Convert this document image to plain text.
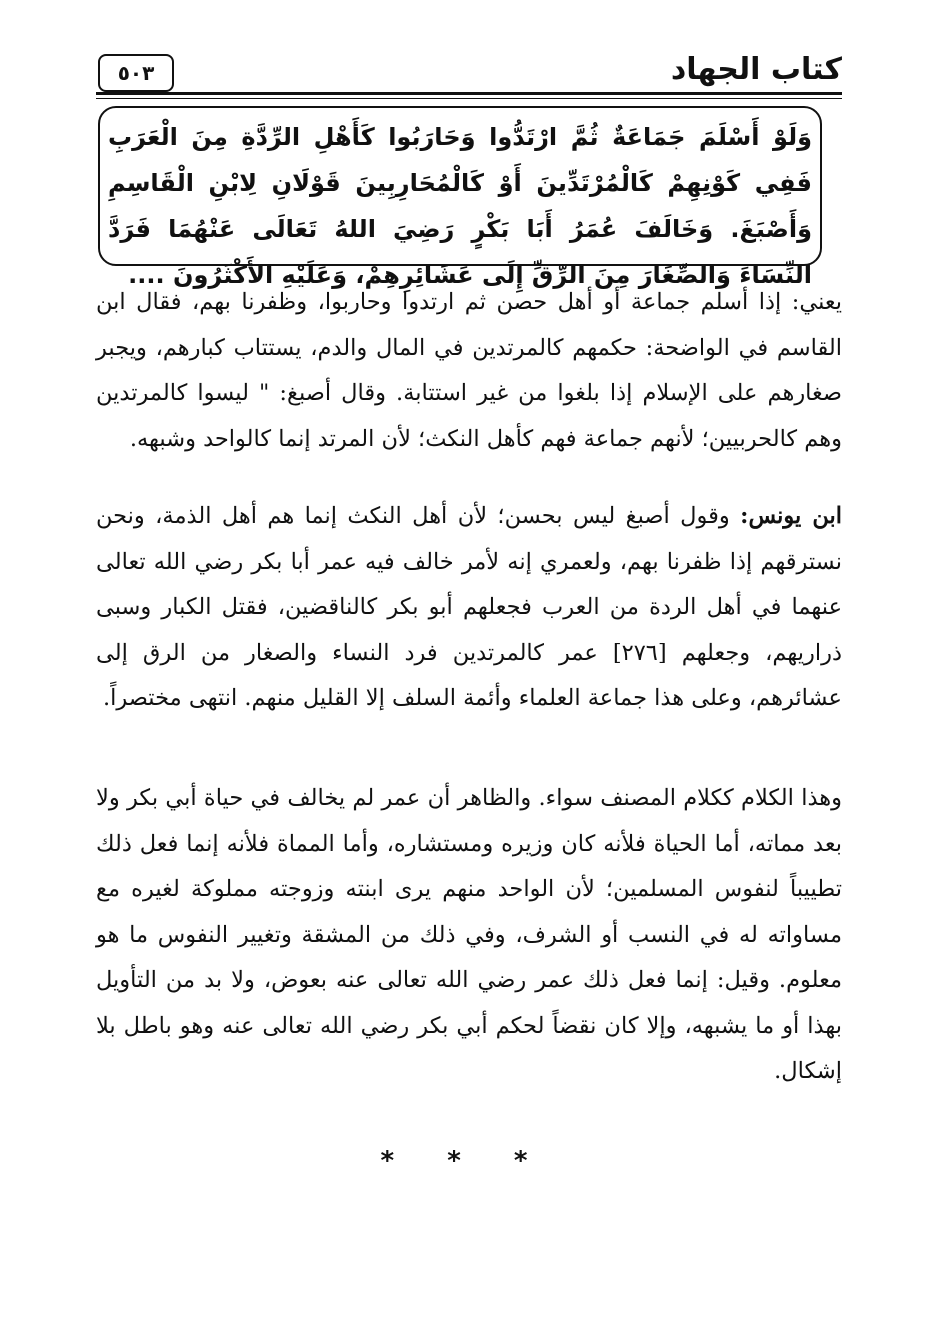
كتاب الجهاد
٥٠٣

وَلَوْ أَسْلَمَ جَمَاعَةٌ ثُمَّ ارْتَدُّوا وَحَارَبُوا كَأَهْلِ الرِّدَّةِ مِنَ الْعَرَبِ فَفِي كَوْنِهِمْ كَالْمُرْتَدِّينَ أَوْ كَالْمُحَارِبِينَ قَوْلَانِ لِابْنِ الْقَاسِمِ وَأَصْبَغَ. وَخَالَفَ عُمَرُ أَبَا بَكْرٍ رَضِيَ اللهُ تَعَالَى عَنْهُمَا فَرَدَّ النِّسَاءَ وَالصِّغَارَ مِنَ الرِّقِّ إِلَى عَشَائِرِهِمْ، وَعَلَيْهِ الأَكْثَرُونَ ....

يعني: إذا أسلم جماعة أو أهل حصن ثم ارتدوا وحاربوا، وظفرنا بهم، فقال ابن القاسم في الواضحة: حكمهم كالمرتدين في المال والدم، يستتاب كبارهم، ويجبر صغارهم على الإسلام إذا بلغوا من غير استتابة. وقال أصبغ: " ليسوا كالمرتدين وهم كالحربيين؛ لأنهم جماعة فهم كأهل النكث؛ لأن المرتد إنما كالواحد وشبهه.

ابن يونس: وقول أصبغ ليس بحسن؛ لأن أهل النكث إنما هم أهل الذمة، ونحن نسترقهم إذا ظفرنا بهم، ولعمري إنه لأمر خالف فيه عمر أبا بكر رضي الله تعالى عنهما في أهل الردة من العرب فجعلهم أبو بكر كالناقضين، فقتل الكبار وسبى ذراريهم، وجعلهم [٢٧٦] عمر كالمرتدين فرد النساء والصغار من الرق إلى عشائرهم، وعلى هذا جماعة العلماء وأئمة السلف إلا القليل منهم. انتهى مختصراً.

وهذا الكلام ككلام المصنف سواء. والظاهر أن عمر لم يخالف في حياة أبي بكر ولا بعد مماته، أما الحياة فلأنه كان وزيره ومستشاره، وأما المماة فلأنه إنما فعل ذلك تطييباً لنفوس المسلمين؛ لأن الواحد منهم يرى ابنته وزوجته مملوكة لغيره مع مساواته له في النسب أو الشرف، وفي ذلك من المشقة وتغيير النفوس ما هو معلوم. وقيل: إنما فعل ذلك عمر رضي الله تعالى عنه بعوض، ولا بد من التأويل بهذا أو ما يشبهه، وإلا كان نقضاً لحكم أبي بكر رضي الله تعالى عنه وهو باطل بلا إشكال.

* * *
